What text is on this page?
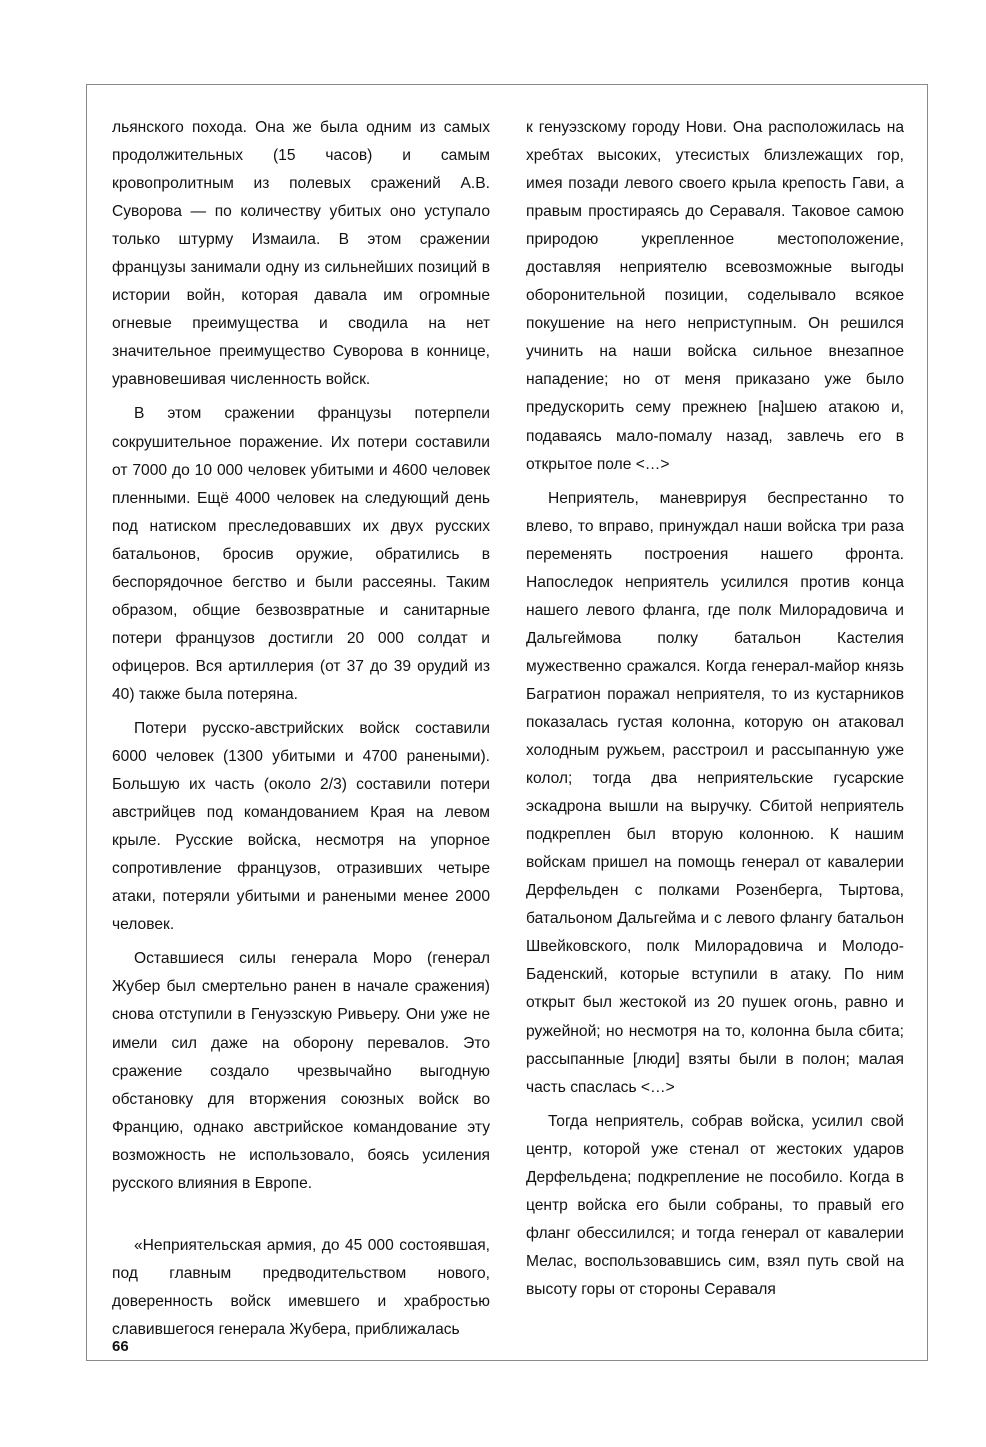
льянского похода. Она же была одним из самых продолжительных (15 часов) и самым кровопролитным из полевых сражений А.В. Суворова — по количеству убитых оно уступало только штурму Измаила. В этом сражении французы занимали одну из сильнейших позиций в истории войн, которая давала им огромные огневые преимущества и сводила на нет значительное преимущество Суворова в коннице, уравновешивая численность войск.

В этом сражении французы потерпели сокрушительное поражение. Их потери составили от 7000 до 10 000 человек убитыми и 4600 человек пленными. Ещё 4000 человек на следующий день под натиском преследовавших их двух русских батальонов, бросив оружие, обратились в беспорядочное бегство и были рассеяны. Таким образом, общие безвозвратные и санитарные потери французов достигли 20 000 солдат и офицеров. Вся артиллерия (от 37 до 39 орудий из 40) также была потеряна.

Потери русско-австрийских войск составили 6000 человек (1300 убитыми и 4700 ранеными). Большую их часть (около 2/3) составили потери австрийцев под командованием Края на левом крыле. Русские войска, несмотря на упорное сопротивление французов, отразивших четыре атаки, потеряли убитыми и ранеными менее 2000 человек.

Оставшиеся силы генерала Моро (генерал Жубер был смертельно ранен в начале сражения) снова отступили в Генуэзскую Ривьеру. Они уже не имели сил даже на оборону перевалов. Это сражение создало чрезвычайно выгодную обстановку для вторжения союзных войск во Францию, однако австрийское командование эту возможность не использовало, боясь усиления русского влияния в Европе.

«Неприятельская армия, до 45 000 состоявшая, под главным предводительством нового, доверенность войск имевшего и храбростью славившегося генерала Жубера, приближалась

к генуэзскому городу Нови. Она расположилась на хребтах высоких, утесистых близлежащих гор, имея позади левого своего крыла крепость Гави, а правым простираясь до Сераваля. Таковое самою природою укрепленное местоположение, доставляя неприятелю всевозможные выгоды оборонительной позиции, соделывало всякое покушение на него неприступным. Он решился учинить на наши войска сильное внезапное нападение; но от меня приказано уже было предускорить сему прежнею [на]шею атакою и, подаваясь мало-помалу назад, завлечь его в открытое поле <…>

Неприятель, маневрируя беспрестанно то влево, то вправо, принуждал наши войска три раза переменять построения нашего фронта. Напоследок неприятель усилился против конца нашего левого фланга, где полк Милорадовича и Дальгеймова полку батальон Кастелия мужественно сражался. Когда генерал-майор князь Багратион поражал неприятеля, то из кустарников показалась густая колонна, которую он атаковал холодным ружьем, расстроил и рассыпанную уже колол; тогда два неприятельские гусарские эскадрона вышли на выручку. Сбитой неприятель подкреплен был вторую колонною. К нашим войскам пришел на помощь генерал от кавалерии Дерфельден с полками Розенберга, Тыртова, батальоном Дальгейма и с левого флангу батальон Швейковского, полк Милорадовича и Молодо-Баденский, которые вступили в атаку. По ним открыт был жестокой из 20 пушек огонь, равно и ружейной; но несмотря на то, колонна была сбита; рассыпанные [люди] взяты были в полон; малая часть спаслась <…>

Тогда неприятель, собрав войска, усилил свой центр, которой уже стенал от жестоких ударов Дерфельдена; подкрепление не пособило. Когда в центр войска его были собраны, то правый его фланг обессилился; и тогда генерал от кавалерии Мелас, воспользовавшись сим, взял путь свой на высоту горы от стороны Сераваля

66
